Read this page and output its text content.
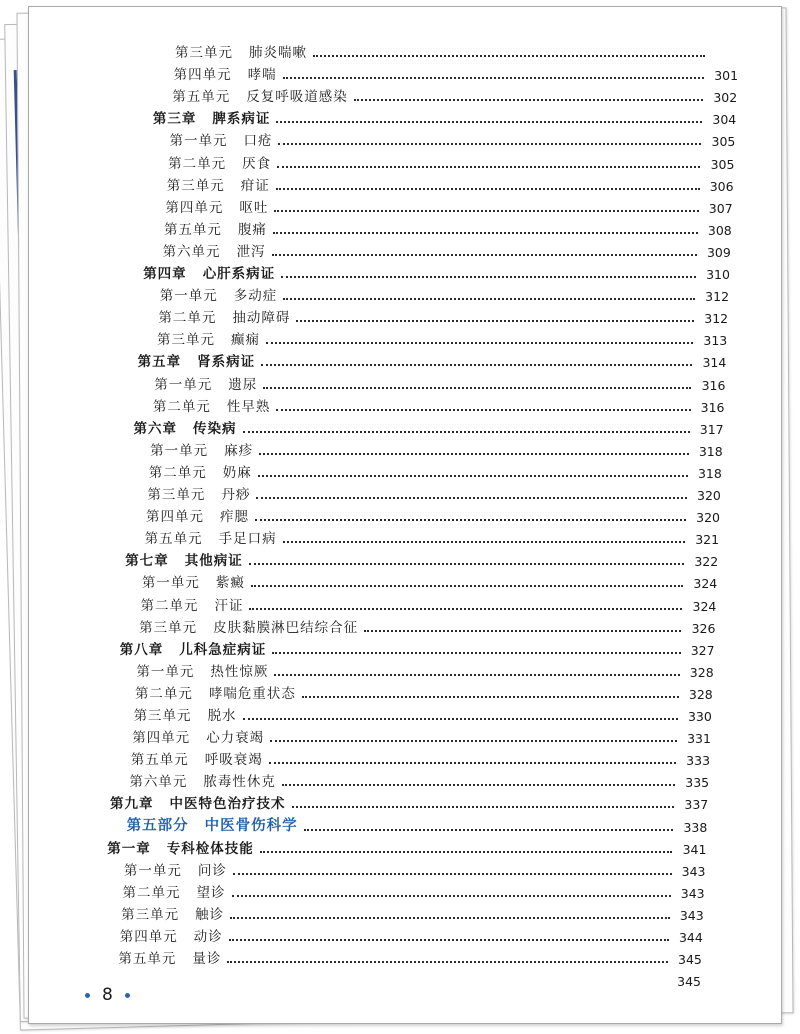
第三单元 肺炎喘嗽
第四单元 哮喘	301
第五单元 反复呼吸道感染	302
第三章 脾系病证	304
第一单元 口疮	305
第二单元 厌食	305
第三单元 疳证	306
第四单元 呕吐	307
第五单元 腹痛	308
第六单元 泄泻	309
第四章 心肝系病证	310
第一单元 多动症	312
第二单元 抽动障碍	312
第三单元 癫痫	313
第五章 肾系病证	314
第一单元 遗尿	316
第二单元 性早熟	316
第六章 传染病	317
第一单元 麻疹	318
第二单元 奶麻	318
第三单元 丹痧	320
第四单元 痄腮	320
第五单元 手足口病	321
第七章 其他病证	322
第一单元 紫癜	324
第二单元 汗证	324
第三单元 皮肤黏膜淋巴结综合征	326
第八章 儿科急症病证	327
第一单元 热性惊厥	328
第二单元 哮喘危重状态	328
第三单元 脱水	330
第四单元 心力衰竭	331
第五单元 呼吸衰竭	333
第六单元 脓毒性休克	335
第九章 中医特色治疗技术	337
第五部分 中医骨伤科学	338
第一章 专科检体技能	341
第一单元 问诊	343
第二单元 望诊	343
第三单元 触诊	343
第四单元 动诊	344
第五单元 量诊	345
345
8
